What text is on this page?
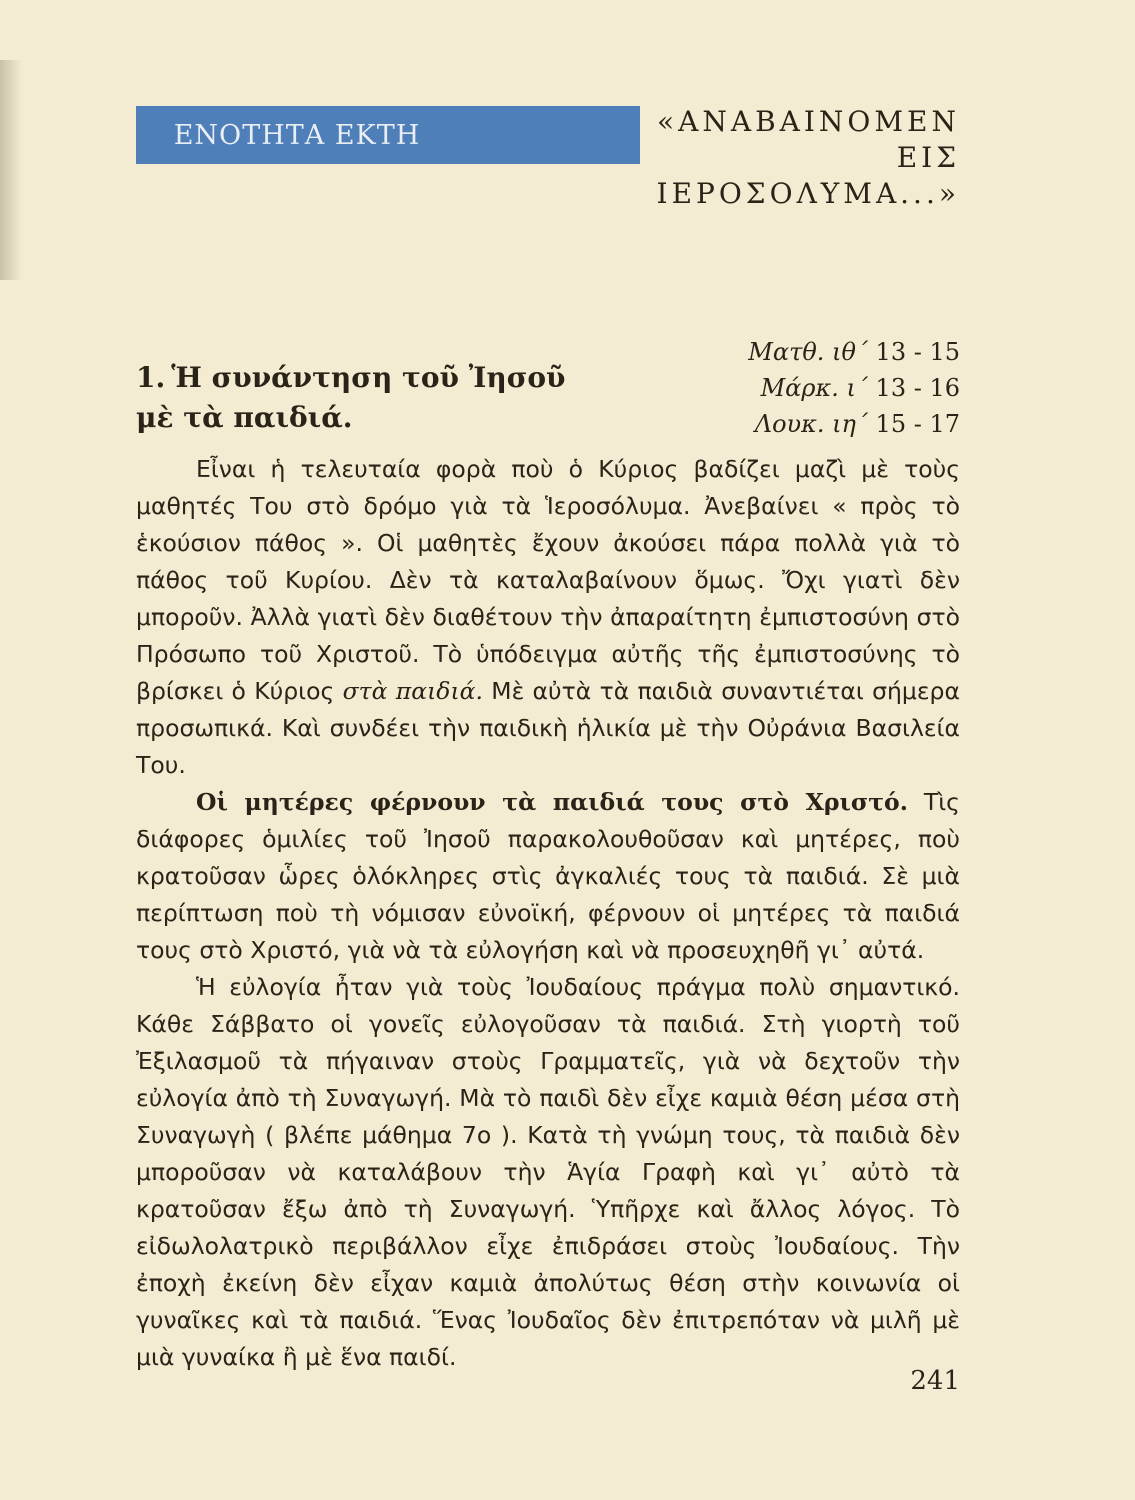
ΕΝΟΤΗΤΑ ΕΚΤΗ	«ΑΝΑΒΑΙΝΟΜΕΝ
ΕΙΣ
ΙΕΡΟΣΟΛΥΜΑ...»
Ματθ. ιθ΄ 13 - 15
Μάρκ. ι΄ 13 - 16
Λουκ. ιη΄ 15 - 17
1. Ἡ συνάντηση τοῦ Ἰησοῦ
μὲ τὰ παιδιά.

Εἶναι ἡ τελευταία φορὰ ποὺ ὁ Κύριος βαδίζει μαζὶ μὲ τοὺς μαθητές Του στὸ δρόμο γιὰ τὰ Ἱεροσόλυμα. Ἀνεβαίνει « πρὸς τὸ ἑκούσιον πάθος ». Οἱ μαθητὲς ἔχουν ἀκούσει πάρα πολλὰ γιὰ τὸ πάθος τοῦ Κυρίου. Δὲν τὰ καταλαβαίνουν ὅμως. Ὄχι γιατὶ δὲν μποροῦν. Ἀλλὰ γιατὶ δὲν διαθέτουν τὴν ἀπαραίτητη ἐμπιστοσύνη στὸ Πρόσωπο τοῦ Χριστοῦ. Τὸ ὑπόδειγμα αὐτῆς τῆς ἐμπιστοσύνης τὸ βρίσκει ὁ Κύριος στὰ παιδιά. Μὲ αὐτὰ τὰ παιδιὰ συναντιέται σήμερα προσωπικά. Καὶ συνδέει τὴν παιδικὴ ἡλικία μὲ τὴν Οὐράνια Βασιλεία Του.

Οἱ μητέρες φέρνουν τὰ παιδιά τους στὸ Χριστό. Τὶς διάφορες ὁμιλίες τοῦ Ἰησοῦ παρακολουθοῦσαν καὶ μητέρες, ποὺ κρατοῦσαν ὧρες ὁλόκληρες στὶς ἀγκαλιές τους τὰ παιδιά. Σὲ μιὰ περίπτωση ποὺ τὴ νόμισαν εὐνοϊκή, φέρνουν οἱ μητέρες τὰ παιδιά τους στὸ Χριστό, γιὰ νὰ τὰ εὐλογήση καὶ νὰ προσευχηθῆ γι᾽ αὐτά.

Ἡ εὐλογία ἦταν γιὰ τοὺς Ἰουδαίους πράγμα πολὺ σημαντικό. Κάθε Σάββατο οἱ γονεῖς εὐλογοῦσαν τὰ παιδιά. Στὴ γιορτὴ τοῦ Ἐξιλασμοῦ τὰ πήγαιναν στοὺς Γραμματεῖς, γιὰ νὰ δεχτοῦν τὴν εὐλογία ἀπὸ τὴ Συναγωγή. Μὰ τὸ παιδὶ δὲν εἶχε καμιὰ θέση μέσα στὴ Συναγωγὴ ( βλέπε μάθημα 7ο ). Κατὰ τὴ γνώμη τους, τὰ παιδιὰ δὲν μποροῦσαν νὰ καταλάβουν τὴν Ἁγία Γραφὴ καὶ γι᾽ αὐτὸ τὰ κρατοῦσαν ἔξω ἀπὸ τὴ Συναγωγή. Ὑπῆρχε καὶ ἄλλος λόγος. Τὸ εἰδωλολατρικὸ περιβάλλον εἶχε ἐπιδράσει στοὺς Ἰουδαίους. Τὴν ἐποχὴ ἐκείνη δὲν εἶχαν καμιὰ ἀπολύτως θέση στὴν κοινωνία οἱ γυναῖκες καὶ τὰ παιδιά. Ἕνας Ἰουδαῖος δὲν ἐπιτρεπόταν νὰ μιλῆ μὲ μιὰ γυναίκα ἢ μὲ ἕνα παιδί.

241
